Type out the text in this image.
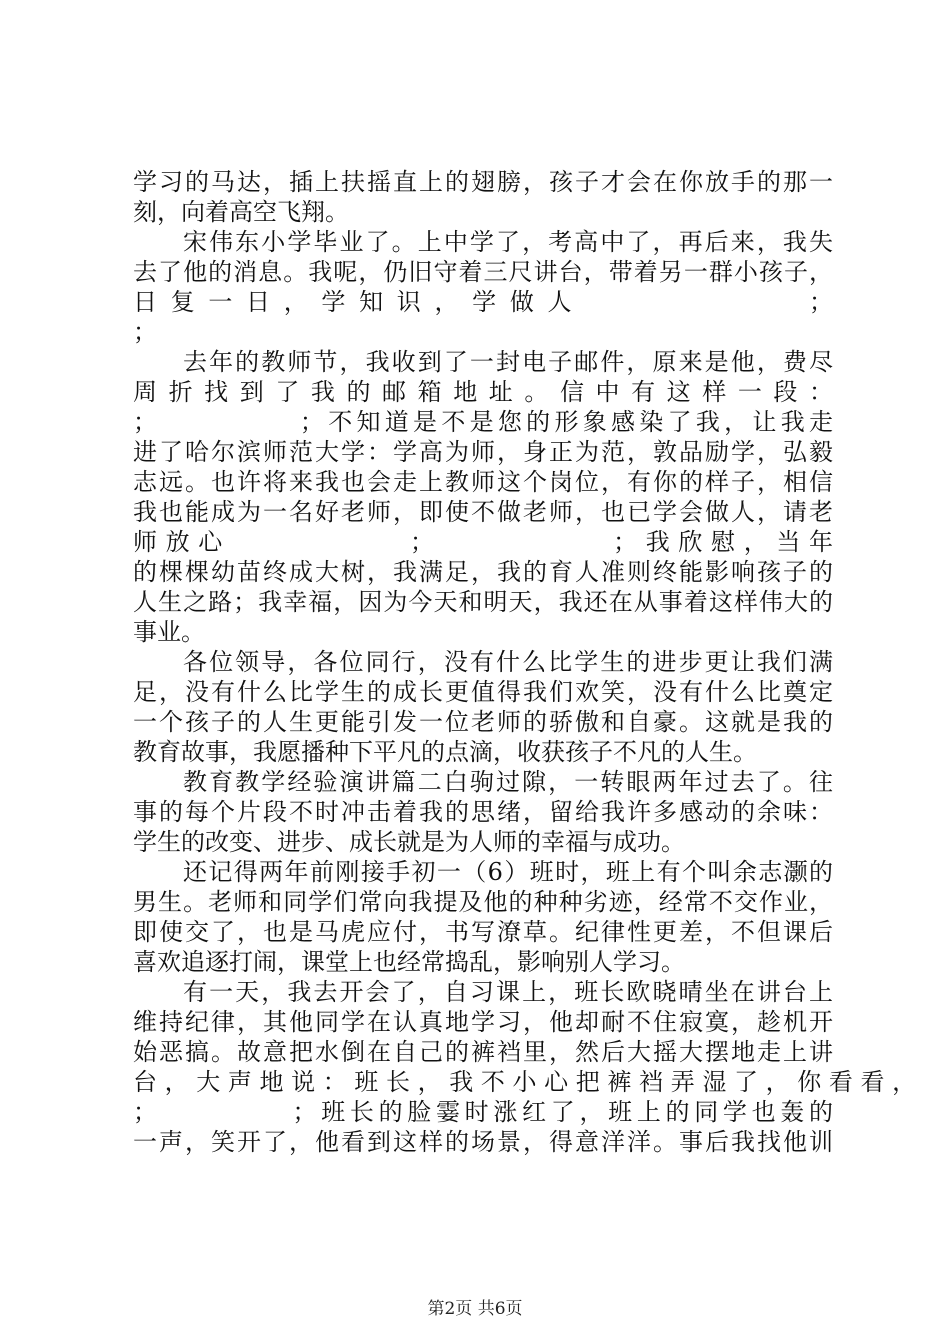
学习的马达，插上扶摇直上的翅膀，孩子才会在你放手的那一
刻，向着高空飞翔。
宋伟东小学毕业了。上中学了，考高中了，再后来，我失
去了他的消息。我呢，仍旧守着三尺讲台，带着另一群小孩子，
日 复 一 日 ， 学 知 识 ， 学 做 人                      ；
；
去年的教师节，我收到了一封电子邮件，原来是他，费尽
周 折 找 到 了 我 的 邮 箱 地 址 。 信 中 有 这 样 一 段 ：
；            ；不知道是不是您的形象感染了我，让我走
进了哈尔滨师范大学：学高为师，身正为范，敦品励学，弘毅
志远。也许将来我也会走上教师这个岗位，有你的样子，相信
我也能成为一名好老师，即使不做老师，也已学会做人，请老
师放心           ；           ；我欣慰，当年
的棵棵幼苗终成大树，我满足，我的育人准则终能影响孩子的
人生之路；我幸福，因为今天和明天，我还在从事着这样伟大的
事业。
各位领导，各位同行，没有什么比学生的进步更让我们满
足，没有什么比学生的成长更值得我们欢笑，没有什么比奠定
一个孩子的人生更能引发一位老师的骄傲和自豪。这就是我的
教育故事，我愿播种下平凡的点滴，收获孩子不凡的人生。
教育教学经验演讲篇二白驹过隙，一转眼两年过去了。往
事的每个片段不时冲击着我的思绪，留给我许多感动的余味：
学生的改变、进步、成长就是为人师的幸福与成功。
还记得两年前刚接手初一（6）班时，班上有个叫余志灏的
男生。老师和同学们常向我提及他的种种劣迹，经常不交作业，
即使交了，也是马虎应付，书写潦草。纪律性更差，不但课后
喜欢追逐打闹，课堂上也经常捣乱，影响别人学习。
有一天，我去开会了，自习课上，班长欧晓晴坐在讲台上
维持纪律，其他同学在认真地学习，他却耐不住寂寞，趁机开
始恶搞。故意把水倒在自己的裤裆里，然后大摇大摆地走上讲
台 ， 大 声 地 说 ： 班 长 ， 我 不 小 心 把 裤 裆 弄 湿 了 ， 你 看 看 ，
；           ；班长的脸霎时涨红了，班上的同学也轰的
一声，笑开了，他看到这样的场景，得意洋洋。事后我找他训
第2页 共6页
